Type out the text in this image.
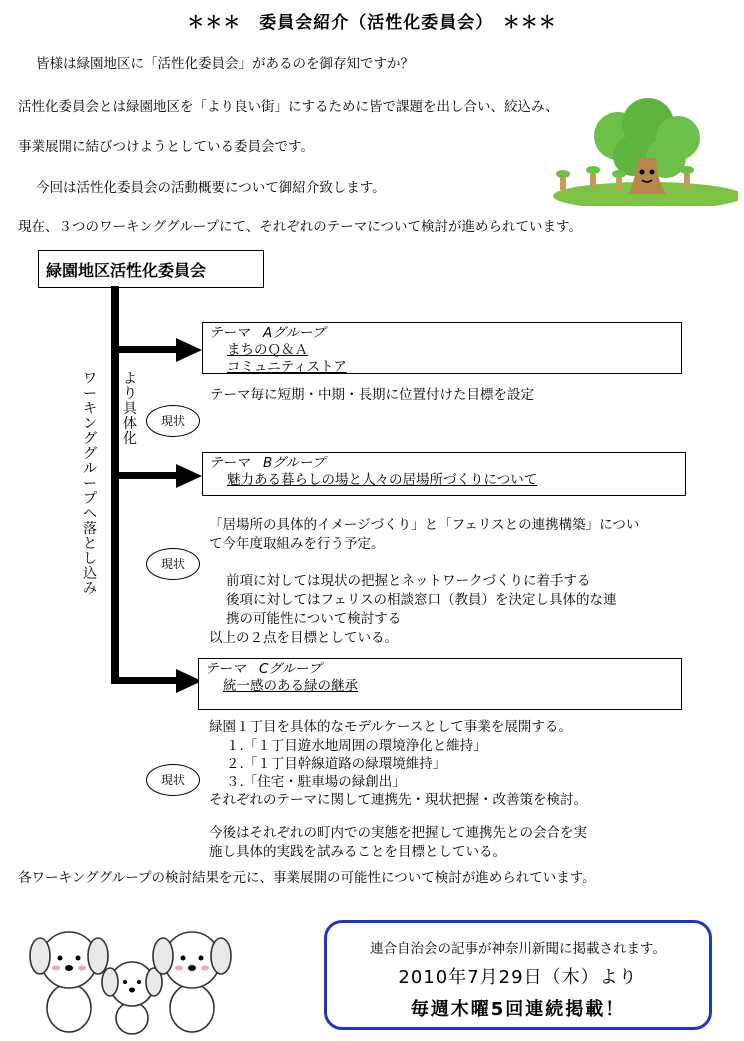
＊＊＊　委員会紹介（活性化委員会）　＊＊＊
皆様は緑園地区に「活性化委員会」があるのを御存知ですか？
活性化委員会とは緑園地区を「より良い街」にするために皆で課題を出し合い、絞込み、
事業展開に結びつけようとしている委員会です。
今回は活性化委員会の活動概要について御紹介致します。
現在、３つのワーキンググループにて、それぞれのテーマについて検討が進められています。
緑園地区活性化委員会
ワーキンググループへ落とし込み
より具体化
テーマ　Aグループ
まちのＱ＆Ａ
コミュニティストア
テーマ毎に短期・中期・長期に位置付けた目標を設定
現状
テーマ　Bグループ
魅力ある暮らしの場と人々の居場所づくりについて
「居場所の具体的イメージづくり」と「フェリスとの連携構築」につい
て今年度取組みを行う予定。
前項に対しては現状の把握とネットワークづくりに着手する
後項に対してはフェリスの相談窓口（教員）を決定し具体的な連
携の可能性について検討する
以上の２点を目標としている。
現状
テーマ　Cグループ
統一感のある緑の継承
緑園１丁目を具体的なモデルケースとして事業を展開する。
１.「１丁目遊水地周囲の環境浄化と維持」
２.「１丁目幹線道路の緑環境維持」
３.「住宅・駐車場の緑創出」
それぞれのテーマに関して連携先・現状把握・改善策を検討。
今後はそれぞれの町内での実態を把握して連携先との会合を実
施し具体的実践を試みることを目標としている。
現状
各ワーキンググループの検討結果を元に、事業展開の可能性について検討が進められています。
連合自治会の記事が神奈川新聞に掲載されます。
2010年7月29日（木）より
毎週木曜5回連続掲載！
